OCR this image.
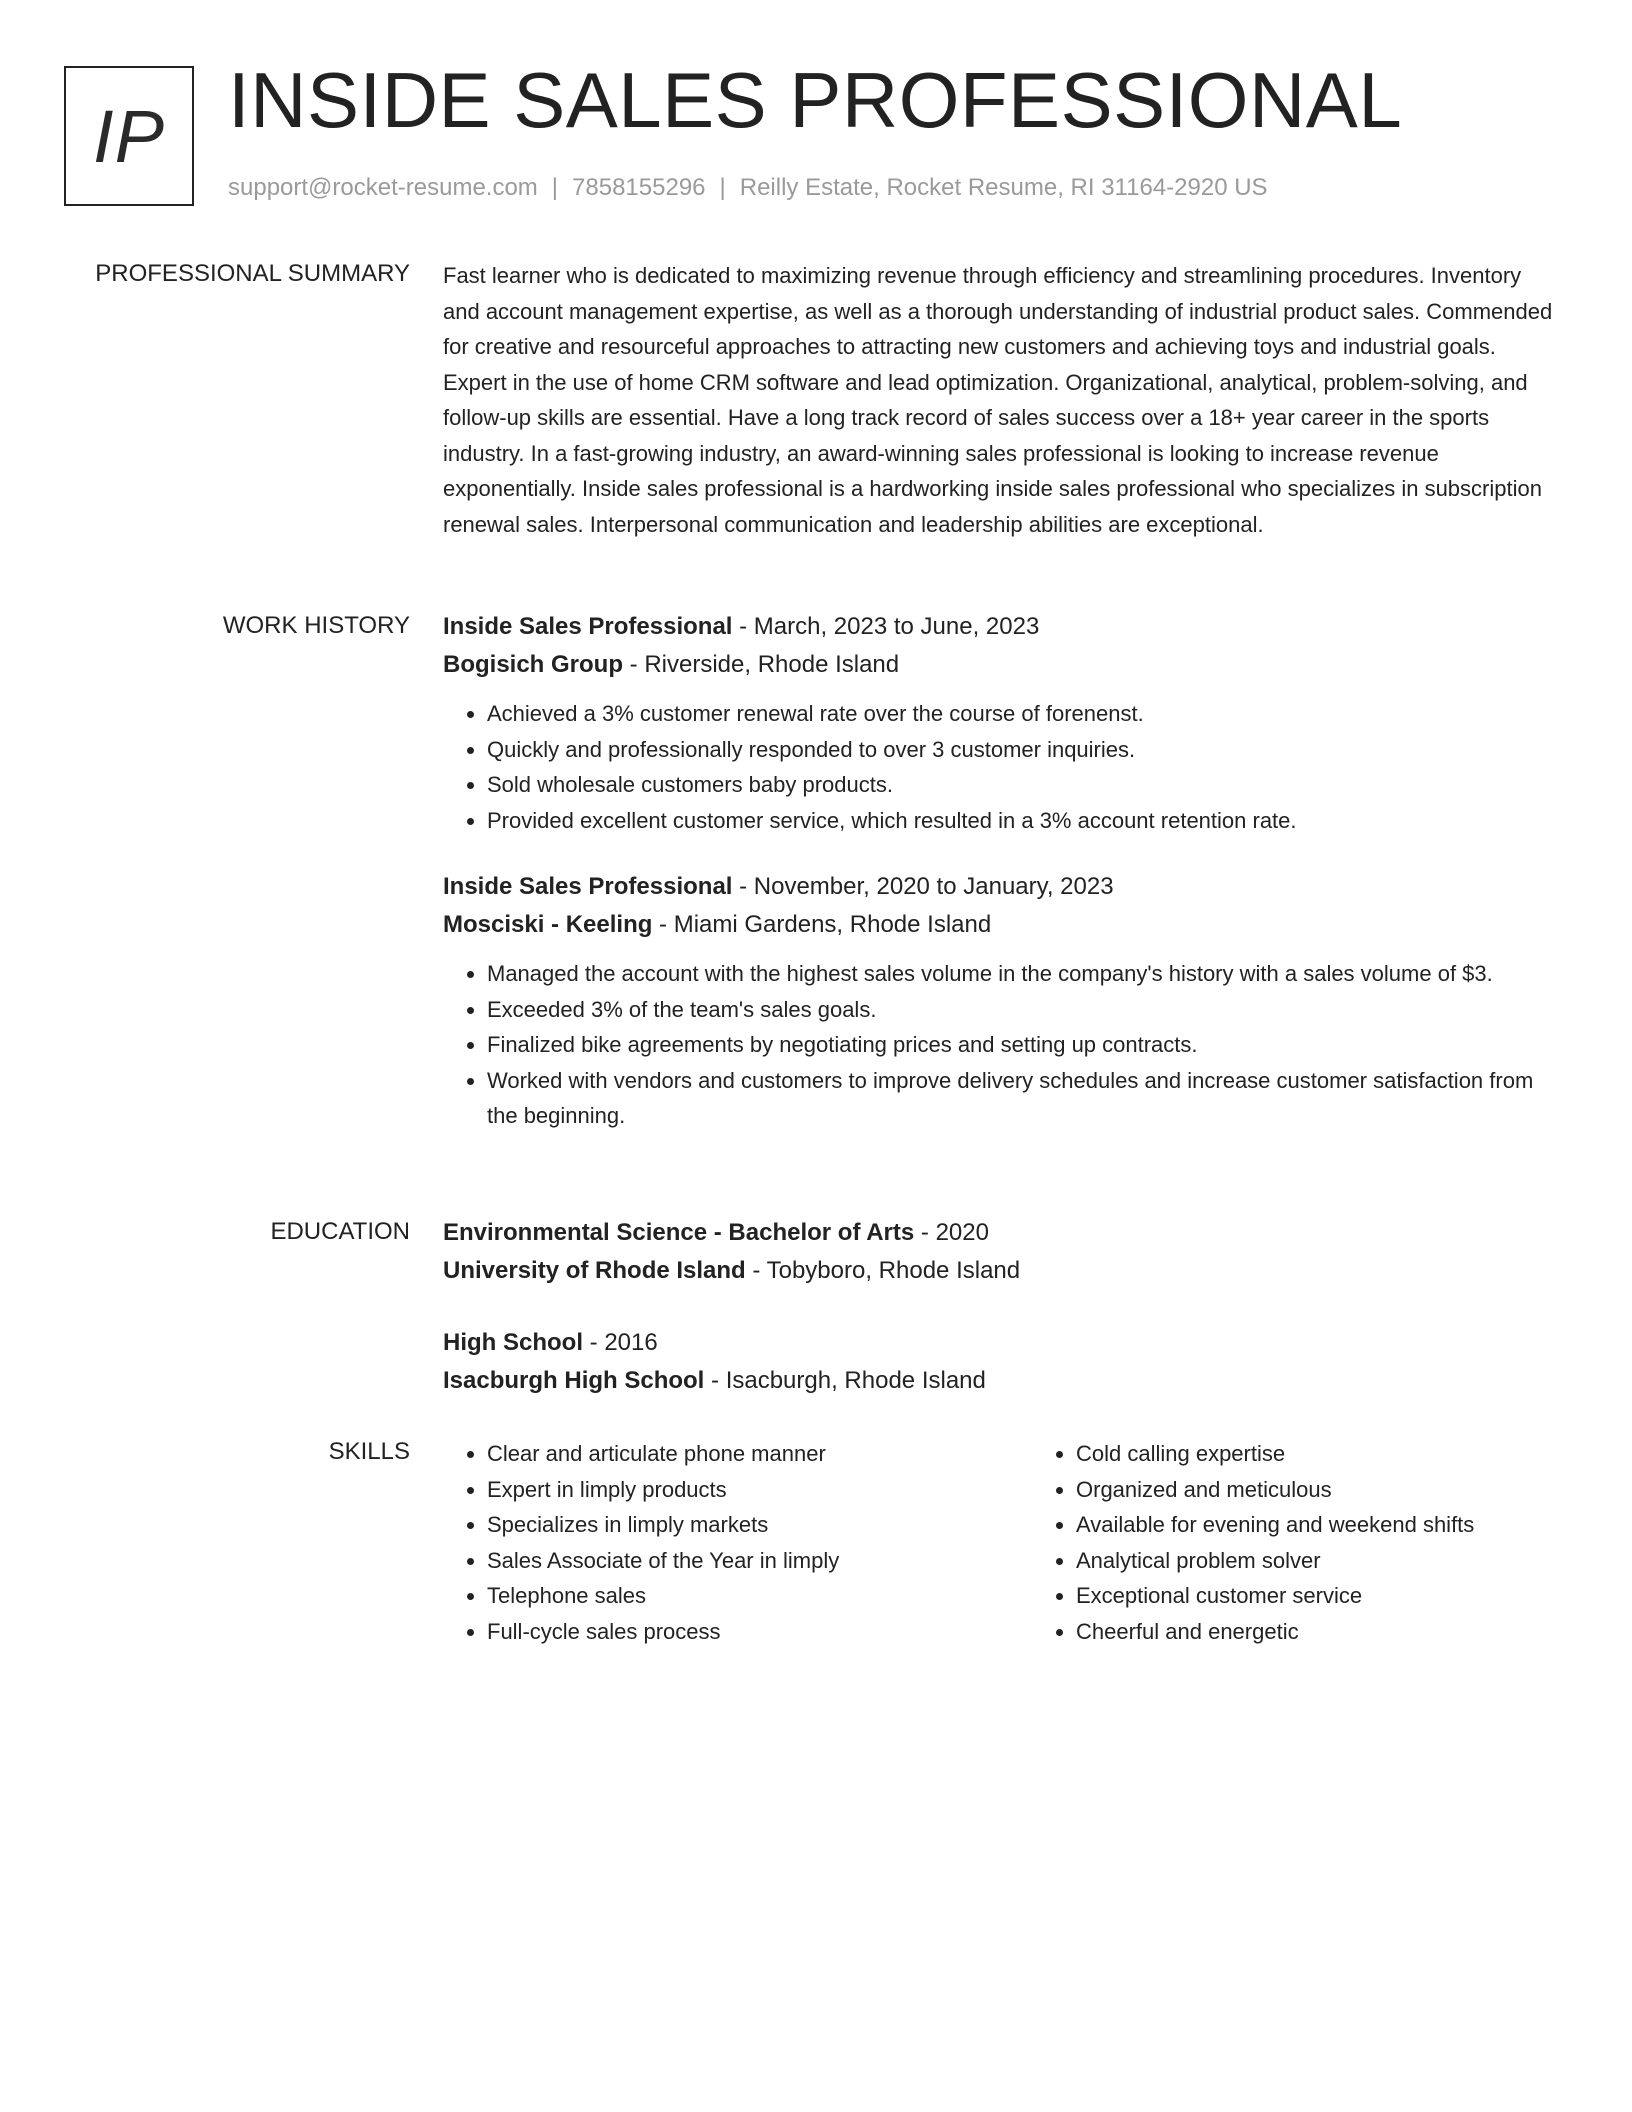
IP INSIDE SALES PROFESSIONAL
support@rocket-resume.com | 7858155296 | Reilly Estate, Rocket Resume, RI 31164-2920 US
PROFESSIONAL SUMMARY Fast learner who is dedicated to maximizing revenue through efficiency and streamlining procedures. Inventory and account management expertise, as well as a thorough understanding of industrial product sales. Commended for creative and resourceful approaches to attracting new customers and achieving toys and industrial goals. Expert in the use of home CRM software and lead optimization. Organizational, analytical, problem-solving, and follow-up skills are essential. Have a long track record of sales success over a 18+ year career in the sports industry. In a fast-growing industry, an award-winning sales professional is looking to increase revenue exponentially. Inside sales professional is a hardworking inside sales professional who specializes in subscription renewal sales. Interpersonal communication and leadership abilities are exceptional.

WORK HISTORY Inside Sales Professional - March, 2023 to June, 2023
Bogisich Group - Riverside, Rhode Island
• Achieved a 3% customer renewal rate over the course of forenenst.
• Quickly and professionally responded to over 3 customer inquiries.
• Sold wholesale customers baby products.
• Provided excellent customer service, which resulted in a 3% account retention rate.
Inside Sales Professional - November, 2020 to January, 2023
Mosciski - Keeling - Miami Gardens, Rhode Island
• Managed the account with the highest sales volume in the company's history with a sales volume of $3.
• Exceeded 3% of the team's sales goals.
• Finalized bike agreements by negotiating prices and setting up contracts.
• Worked with vendors and customers to improve delivery schedules and increase customer satisfaction from the beginning.
EDUCATION Environmental Science - Bachelor of Arts - 2020
University of Rhode Island - Tobyboro, Rhode Island
High School - 2016
Isacburgh High School - Isacburgh, Rhode Island
SKILLS
•	Clear and articulate phone manner
• Expert in limply products
• Specializes in limply markets
• Sales Associate of the Year in limply
• Telephone sales
• Full-cycle sales process
• Cold calling expertise
• Organized and meticulous
• Available for evening and weekend shifts
• Analytical problem solver
• Exceptional customer service
• Cheerful and energetic
